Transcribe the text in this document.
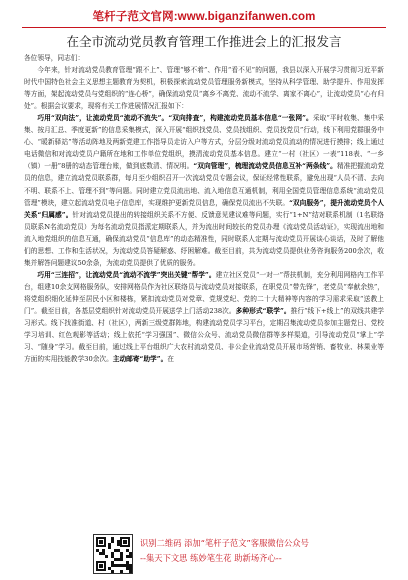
笔杆子范文官网:www.biganzifanwen.com
在全市流动党员教育管理工作推进会上的汇报发言

各位领导，同志们：

今年来，针对流动党员教育管理“跟不上”、管理“够不着”、作用“看不见”的问题，我县以深入开展学习贯彻习近平新时代中国特色社会主义思想主题教育为契机，积极探索流动党员管理服务新模式，坚持从科学管理、助学提升、作用发挥等方面，架起流动党员与党组织的“连心桥”，确保流动党员“离乡不离党、流动不流学、离家不离心”，让流动党员“心有归处”。根据会议要求，现将有关工作进展情况汇报如下：

巧用“双向法”，让流动党员“流动不流失”。“双向排查”，构建流动党员基本信息“一张网”。采取“平时收集、集中采集、按月汇总、季度更新”的信息采集模式，深入开展“组织找党员、党员找组织、党员找党员”行动，线下利用党群服务中心、“暖新驿站”等活动阵地及两新党建工作指导员走访入户等方式，分层分级对流动党员流动的情况进行摸排；线上通过电话微信和对流动党员户籍所在地和工作单位党组织，摸清流动党员基本信息。建立“一村（社区）一表”118表、“一乡（镇）一册”8册的动态管理台账，做到底数清、情况明。“双向管理”，梳理流动党员信息互补“两条线”。精准把握流动党员的信息，建立流动党员联系群，每月至少组织召开一次流动党员专题会议，保证经常性联系，避免出现“人员不清、去向不明、联系不上、管理不到”等问题。同时建立党员流出地、流入地信息互通机制，利用全国党员管理信息系统“流动党员管理”模块，建立起流动党员电子信息库，实现维护更新党员信息，确保党员流出不失联。“双向服务”，提升流动党员个人关系“归属感”。针对流动党员提出的转接组织关系不方便、反馈意见建议难等问题，实行“1+N”结对联系机制（1名联络员联系N名流动党员）为每名流动党员指派定期联系人，并为流出时间较长的党员办理《流动党员活动证》，实现流出地和流入地党组织的信息互通，确保流动党员“信息库”的动态精准性，同时联系人定期与流动党员开展谈心谈话，及时了解他们的思想、工作和生活状况，为流动党员答疑解惑、纾困解难。截至目前，共为流动党员提供业务咨询服务200余次，收集并解答问题建议50余条，为流动党员提供了优质的服务。

巧用“三连招”，让流动党员“流动不流学”突出关键“帮学”。建立社区党员“一对一”帮扶机制，充分利用网格内工作平台，组建10余支网格服务队，安排网格员作为社区联络员与流动党员对接联系，在职党员“带先锋”，老党员“奉献余热”，将党组织细化延伸至居民小区和楼栋，紧扣流动党员对党章、党规党纪、党的二十大精神等内容的学习需求采取“送教上门”。截至目前，各基层党组织针对流动党员开展送学上门活动238次。多种形式“联学”。推行“线下+线上”的双线共建学习形式。线下找准街道、村（社区），两新三级党群阵地，构建流动党员学习平台，定期召集流动党员参加主题党日、党校学习培训、红色观影等活动；线上依托“学习强国”、微信公众号、流动党员微信群等多样渠道，引导流动党员“掌上”学习、“随身”学习。截至目前，通过线上平台组织广大农村流动党员、非公企业流动党员开展市场营销、畜牧业、林果业等方面的实用技能教学30余次。主动邮寄“助学”。在

识别二维码 添加“笔杆子范文”客服微信公众号
--集天下文思 练妙笔生花 助新场齐心--
